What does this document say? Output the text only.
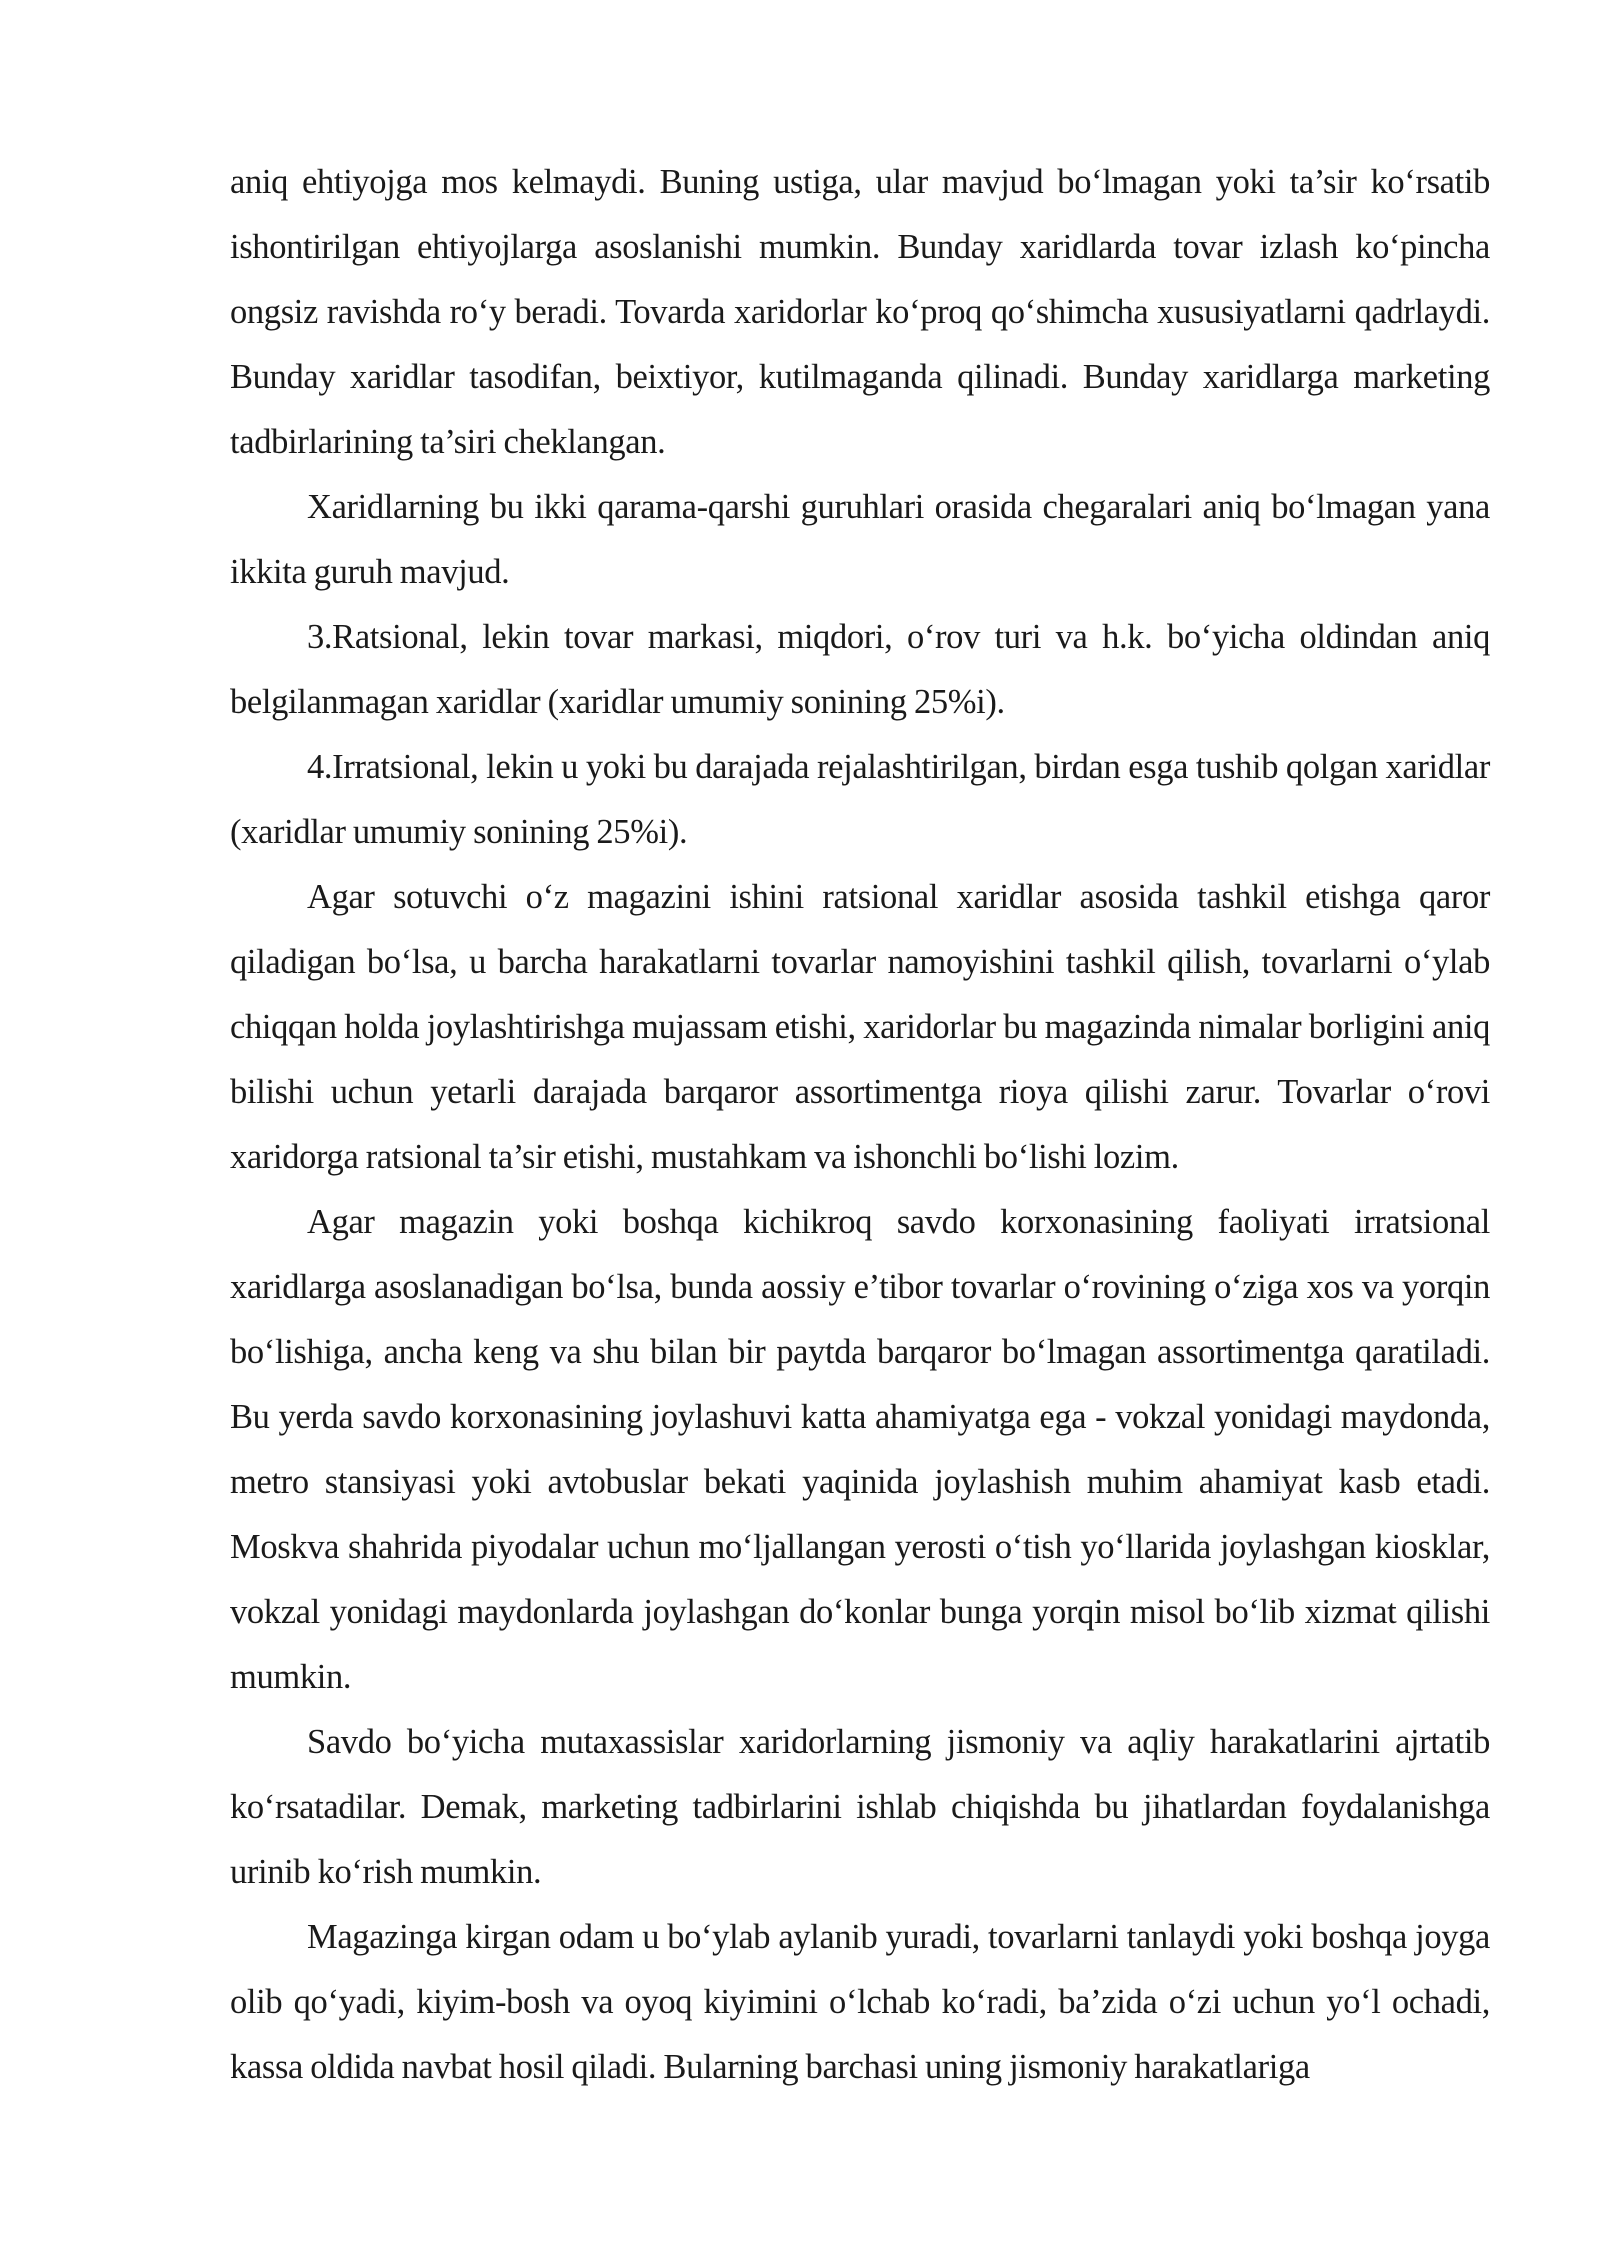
aniq ehtiyojga mos kelmaydi. Buning ustiga, ular mavjud bo‘lmagan yoki ta’sir ko‘rsatib ishontirilgan ehtiyojlarga asoslanishi mumkin. Bunday xaridlarda tovar izlash ko‘pincha ongsiz ravishda ro‘y beradi. Tovarda xaridorlar ko‘proq qo‘shimcha xususiyatlarni qadrlaydi. Bunday xaridlar tasodifan, beixtiyor, kutilmaganda qilinadi. Bunday xaridlarga marketing tadbirlarining ta’siri cheklangan.

Xaridlarning bu ikki qarama-qarshi guruhlari orasida chegaralari aniq bo‘lmagan yana ikkita guruh mavjud.

3.Ratsional, lekin tovar markasi, miqdori, o‘rov turi va h.k. bo‘yicha oldindan aniq belgilanmagan xaridlar (xaridlar umumiy sonining 25%i).

4.Irratsional, lekin u yoki bu darajada rejalashtirilgan, birdan esga tushib qolgan xaridlar (xaridlar umumiy sonining 25%i).

Agar sotuvchi o‘z magazini ishini ratsional xaridlar asosida tashkil etishga qaror qiladigan bo‘lsa, u barcha harakatlarni tovarlar namoyishini tashkil qilish, tovarlarni o‘ylab chiqqan holda joylashtirishga mujassam etishi, xaridorlar bu magazinda nimalar borligini aniq bilishi uchun yetarli darajada barqaror assortimentga rioya qilishi zarur. Tovarlar o‘rovi xaridorga ratsional ta’sir etishi, mustahkam va ishonchli bo‘lishi lozim.

Agar magazin yoki boshqa kichikroq savdo korxonasining faoliyati irratsional xaridlarga asoslanadigan bo‘lsa, bunda aossiy e’tibor tovarlar o‘rovining o‘ziga xos va yorqin bo‘lishiga, ancha keng va shu bilan bir paytda barqaror bo‘lmagan assortimentga qaratiladi. Bu yerda savdo korxonasining joylashuvi katta ahamiyatga ega - vokzal yonidagi maydonda, metro stansiyasi yoki avtobuslar bekati yaqinida joylashish muhim ahamiyat kasb etadi. Moskva shahrida piyodalar uchun mo‘ljallangan yerosti o‘tish yo‘llarida joylashgan kiosklar, vokzal yonidagi maydonlarda joylashgan do‘konlar bunga yorqin misol bo‘lib xizmat qilishi mumkin.

Savdo bo‘yicha mutaxassislar xaridorlarning jismoniy va aqliy harakatlarini ajrtatib ko‘rsatadilar. Demak, marketing tadbirlarini ishlab chiqishda bu jihatlardan foydalanishga urinib ko‘rish mumkin.

Magazinga kirgan odam u bo‘ylab aylanib yuradi, tovarlarni tanlaydi yoki boshqa joyga olib qo‘yadi, kiyim-bosh va oyoq kiyimini o‘lchab ko‘radi, ba’zida o‘zi uchun yo‘l ochadi, kassa oldida navbat hosil qiladi. Bularning barchasi uning jismoniy harakatlariga
